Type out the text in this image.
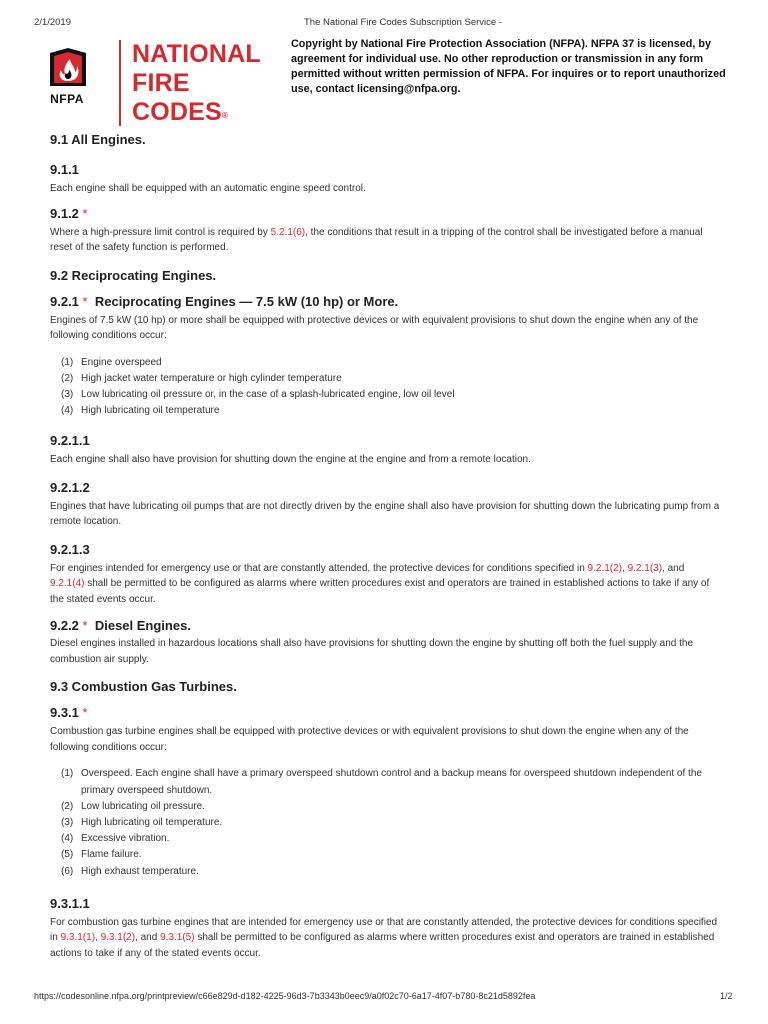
2/1/2019	The National Fire Codes Subscription Service -
NFPA
NATIONAL
FIRE CODES®
Copyright by National Fire Protection Association (NFPA). NFPA 37 is licensed, by agreement for individual use. No other reproduction or transmission in any form permitted without written permission of NFPA. For inquires or to report unauthorized use, contact licensing@nfpa.org.
9.1 All Engines.
9.1.1

Each engine shall be equipped with an automatic engine speed control.

9.1.2 *

Where a high-pressure limit control is required by 5.2.1(6), the conditions that result in a tripping of the control shall be investigated before a manual reset of the safety function is performed.

9.2 Reciprocating Engines.
9.2.1 * Reciprocating Engines — 7.5 kW (10 hp) or More.

Engines of 7.5 kW (10 hp) or more shall be equipped with protective devices or with equivalent provisions to shut down the engine when any of the following conditions occur:

(1) Engine overspeed
(2) High jacket water temperature or high cylinder temperature
(3) Low lubricating oil pressure or, in the case of a splash-lubricated engine, low oil level
(4) High lubricating oil temperature
9.2.1.1

Each engine shall also have provision for shutting down the engine at the engine and from a remote location.

9.2.1.2

Engines that have lubricating oil pumps that are not directly driven by the engine shall also have provision for shutting down the lubricating pump from a remote location.

9.2.1.3

For engines intended for emergency use or that are constantly attended, the protective devices for conditions specified in 9.2.1(2), 9.2.1(3), and 9.2.1(4) shall be permitted to be configured as alarms where written procedures exist and operators are trained in established actions to take if any of the stated events occur.

9.2.2 * Diesel Engines.

Diesel engines installed in hazardous locations shall also have provisions for shutting down the engine by shutting off both the fuel supply and the combustion air supply.

9.3 Combustion Gas Turbines.
9.3.1 *

Combustion gas turbine engines shall be equipped with protective devices or with equivalent provisions to shut down the engine when any of the following conditions occur:

(1) Overspeed. Each engine shall have a primary overspeed shutdown control and a backup means for overspeed shutdown independent of the primary overspeed shutdown.
(2) Low lubricating oil pressure.
(3) High lubricating oil temperature.
(4) Excessive vibration.
(5) Flame failure.
(6) High exhaust temperature.
9.3.1.1

For combustion gas turbine engines that are intended for emergency use or that are constantly attended, the protective devices for conditions specified in 9.3.1(1), 9.3.1(2), and 9.3.1(5) shall be permitted to be configured as alarms where written procedures exist and operators are trained in established actions to take if any of the stated events occur.

https://codesonline.nfpa.org/printpreview/c66e829d-d182-4225-96d3-7b3343b0eec9/a0f02c70-6a17-4f07-b780-8c21d5892fea	1/2
